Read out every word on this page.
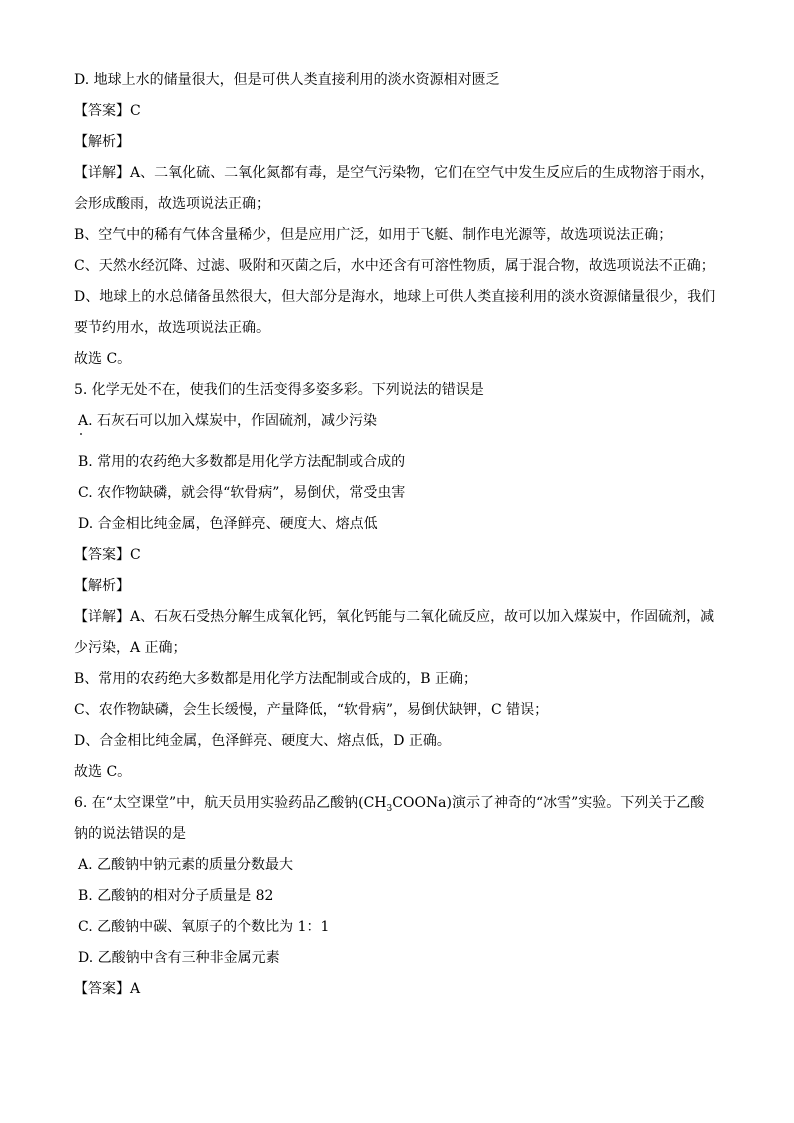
D. 地球上水的储量很大，但是可供人类直接利用的淡水资源相对匮乏
【答案】C
【解析】
【详解】A、二氧化硫、二氧化氮都有毒，是空气污染物，它们在空气中发生反应后的生成物溶于雨水，
会形成酸雨，故选项说法正确；
B、空气中的稀有气体含量稀少，但是应用广泛，如用于飞艇、制作电光源等，故选项说法正确；
C、天然水经沉降、过滤、吸附和灭菌之后，水中还含有可溶性物质，属于混合物，故选项说法不正确；
D、地球上的水总储备虽然很大，但大部分是海水，地球上可供人类直接利用的淡水资源储量很少，我们
要节约用水，故选项说法正确。
故选 C。
5. 化学无处不在，使我们的生活变得多姿多彩。下列说法的错误是
A. 石灰石可以加入煤炭中，作固硫剂，减少污染
B. 常用的农药绝大多数都是用化学方法配制或合成的
C. 农作物缺磷，就会得“软骨病”，易倒伏，常受虫害
D. 合金相比纯金属，色泽鲜亮、硬度大、熔点低
【答案】C
【解析】
【详解】A、石灰石受热分解生成氧化钙，氧化钙能与二氧化硫反应，故可以加入煤炭中，作固硫剂，减
少污染，A 正确；
B、常用的农药绝大多数都是用化学方法配制或合成的，B 正确；
C、农作物缺磷，会生长缓慢，产量降低，“软骨病”，易倒伏缺钾，C 错误；
D、合金相比纯金属，色泽鲜亮、硬度大、熔点低，D 正确。
故选 C。
6. 在“太空课堂”中，航天员用实验药品乙酸钠$(CH_3COONa)$演示了神奇的“冰雪”实验。下列关于乙酸
钠的说法错误的是
A. 乙酸钠中钠元素的质量分数最大
B. 乙酸钠的相对分子质量是 82
C. 乙酸钠中碳、氧原子的个数比为 1：1
D. 乙酸钠中含有三种非金属元素
【答案】A
